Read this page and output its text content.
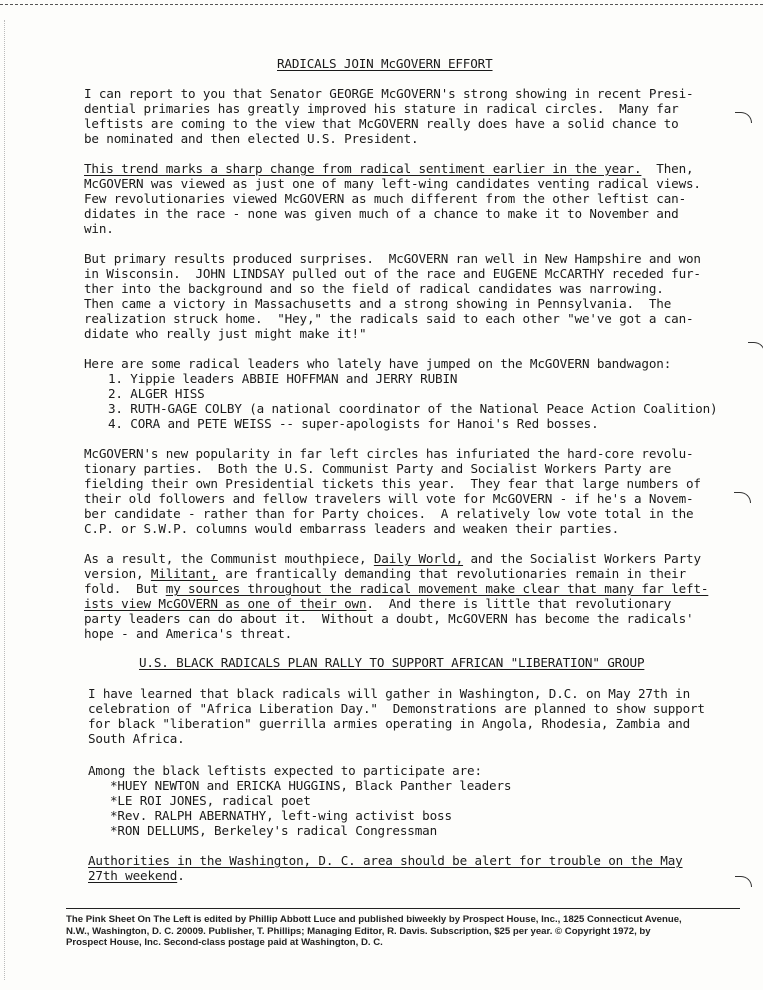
RADICALS JOIN McGOVERN EFFORT
I can report to you that Senator GEORGE McGOVERN's strong showing in recent Presi-
dential primaries has greatly improved his stature in radical circles.  Many far
leftists are coming to the view that McGOVERN really does have a solid chance to
be nominated and then elected U.S. President.
This trend marks a sharp change from radical sentiment earlier in the year.  Then,
McGOVERN was viewed as just one of many left-wing candidates venting radical views.
Few revolutionaries viewed McGOVERN as much different from the other leftist can-
didates in the race - none was given much of a chance to make it to November and
win.
But primary results produced surprises.  McGOVERN ran well in New Hampshire and won
in Wisconsin.  JOHN LINDSAY pulled out of the race and EUGENE McCARTHY receded fur-
ther into the background and so the field of radical candidates was narrowing.
Then came a victory in Massachusetts and a strong showing in Pennsylvania.  The
realization struck home.  "Hey," the radicals said to each other "we've got a can-
didate who really just might make it!"
Here are some radical leaders who lately have jumped on the McGOVERN bandwagon:
1. Yippie leaders ABBIE HOFFMAN and JERRY RUBIN
2. ALGER HISS
3. RUTH-GAGE COLBY (a national coordinator of the National Peace Action Coalition)
4. CORA and PETE WEISS -- super-apologists for Hanoi's Red bosses.
McGOVERN's new popularity in far left circles has infuriated the hard-core revolu-
tionary parties.  Both the U.S. Communist Party and Socialist Workers Party are
fielding their own Presidential tickets this year.  They fear that large numbers of
their old followers and fellow travelers will vote for McGOVERN - if he's a Novem-
ber candidate - rather than for Party choices.  A relatively low vote total in the
C.P. or S.W.P. columns would embarrass leaders and weaken their parties.
As a result, the Communist mouthpiece, Daily World, and the Socialist Workers Party
version, Militant, are frantically demanding that revolutionaries remain in their
fold.  But my sources throughout the radical movement make clear that many far left-
ists view McGOVERN as one of their own.  And there is little that revolutionary
party leaders can do about it.  Without a doubt, McGOVERN has become the radicals'
hope - and America's threat.
U.S. BLACK RADICALS PLAN RALLY TO SUPPORT AFRICAN "LIBERATION" GROUP
I have learned that black radicals will gather in Washington, D.C. on May 27th in
celebration of "Africa Liberation Day."  Demonstrations are planned to show support
for black "liberation" guerrilla armies operating in Angola, Rhodesia, Zambia and
South Africa.
Among the black leftists expected to participate are:
*HUEY NEWTON and ERICKA HUGGINS, Black Panther leaders
*LE ROI JONES, radical poet
*Rev. RALPH ABERNATHY, left-wing activist boss
*RON DELLUMS, Berkeley's radical Congressman
Authorities in the Washington, D. C. area should be alert for trouble on the May
27th weekend.
The Pink Sheet On The Left is edited by Phillip Abbott Luce and published biweekly by Prospect House, Inc., 1825 Connecticut Avenue,
N.W., Washington, D. C. 20009. Publisher, T. Phillips; Managing Editor, R. Davis. Subscription, $25 per year. © Copyright 1972, by
Prospect House, Inc. Second-class postage paid at Washington, D. C.
